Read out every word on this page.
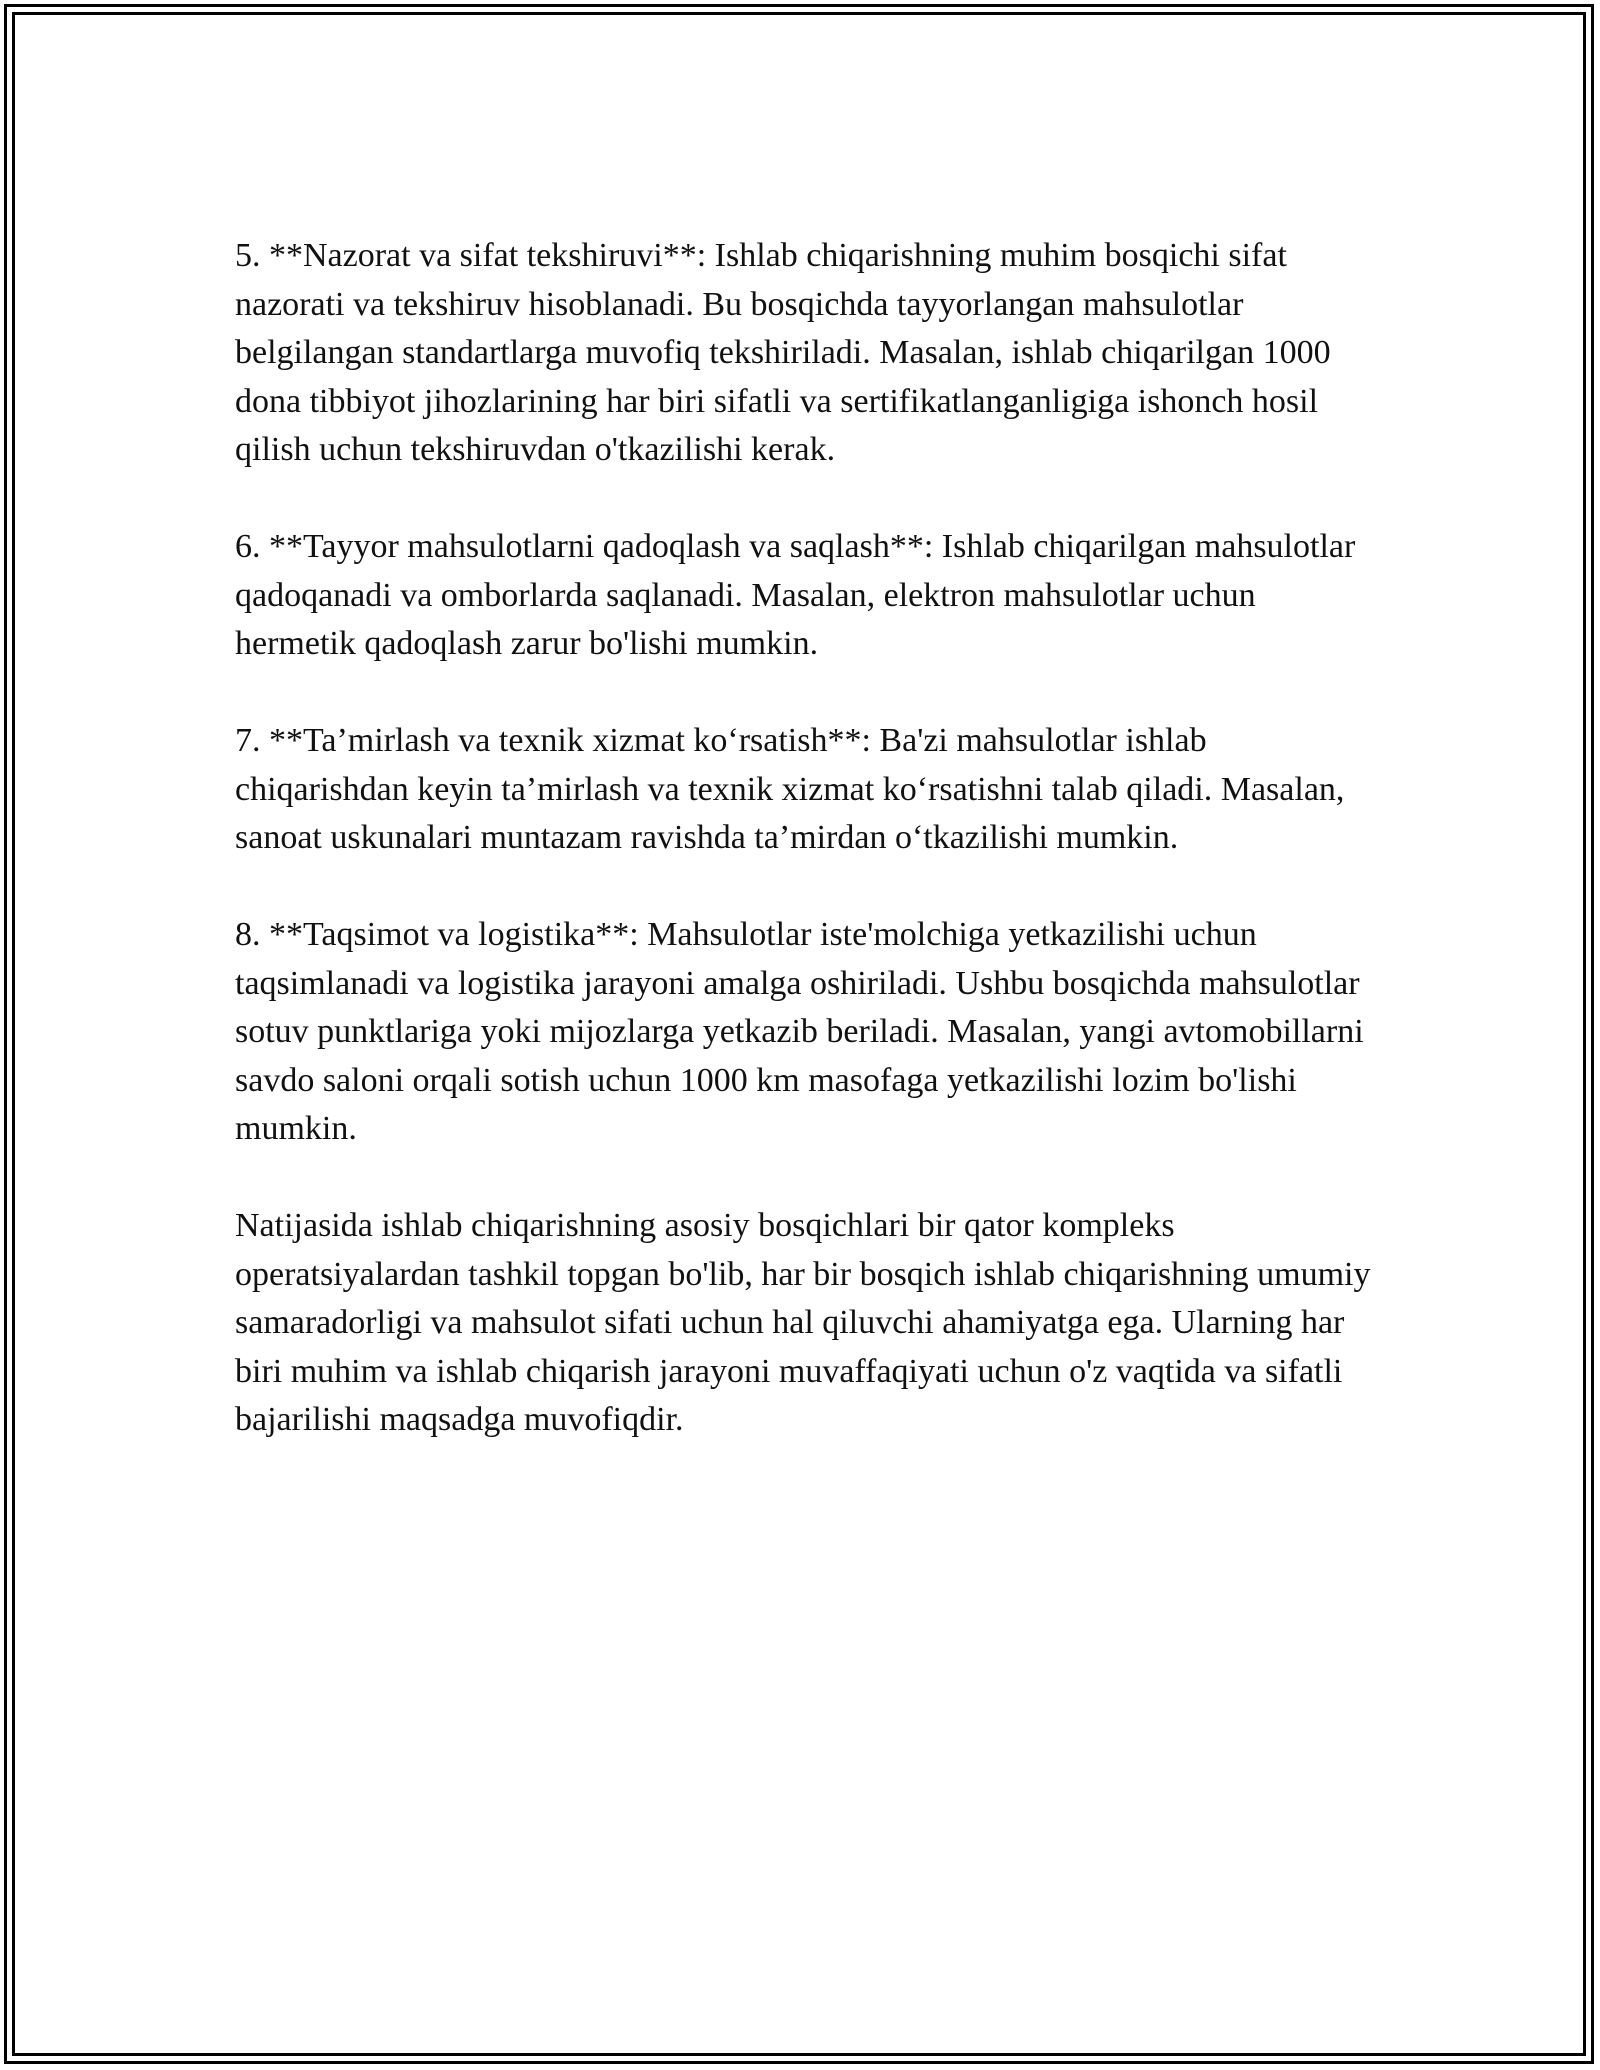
5. **Nazorat va sifat tekshiruvi**: Ishlab chiqarishning muhim bosqichi sifat nazorati va tekshiruv hisoblanadi. Bu bosqichda tayyorlangan mahsulotlar belgilangan standartlarga muvofiq tekshiriladi. Masalan, ishlab chiqarilgan 1000 dona tibbiyot jihozlarining har biri sifatli va sertifikatlanganligiga ishonch hosil qilish uchun tekshiruvdan o'tkazilishi kerak.

6. **Tayyor mahsulotlarni qadoqlash va saqlash**: Ishlab chiqarilgan mahsulotlar qadoqanadi va omborlarda saqlanadi. Masalan, elektron mahsulotlar uchun hermetik qadoqlash zarur bo'lishi mumkin.

7. **Ta’mirlash va texnik xizmat ko‘rsatish**: Ba'zi mahsulotlar ishlab chiqarishdan keyin ta’mirlash va texnik xizmat ko‘rsatishni talab qiladi. Masalan, sanoat uskunalari muntazam ravishda ta’mirdan o‘tkazilishi mumkin.

8. **Taqsimot va logistika**: Mahsulotlar iste'molchiga yetkazilishi uchun taqsimlanadi va logistika jarayoni amalga oshiriladi. Ushbu bosqichda mahsulotlar sotuv punktlariga yoki mijozlarga yetkazib beriladi. Masalan, yangi avtomobillarni savdo saloni orqali sotish uchun 1000 km masofaga yetkazilishi lozim bo'lishi mumkin.

Natijasida ishlab chiqarishning asosiy bosqichlari bir qator kompleks operatsiyalardan tashkil topgan bo'lib, har bir bosqich ishlab chiqarishning umumiy samaradorligi va mahsulot sifati uchun hal qiluvchi ahamiyatga ega. Ularning har biri muhim va ishlab chiqarish jarayoni muvaffaqiyati uchun o'z vaqtida va sifatli bajarilishi maqsadga muvofiqdir.
